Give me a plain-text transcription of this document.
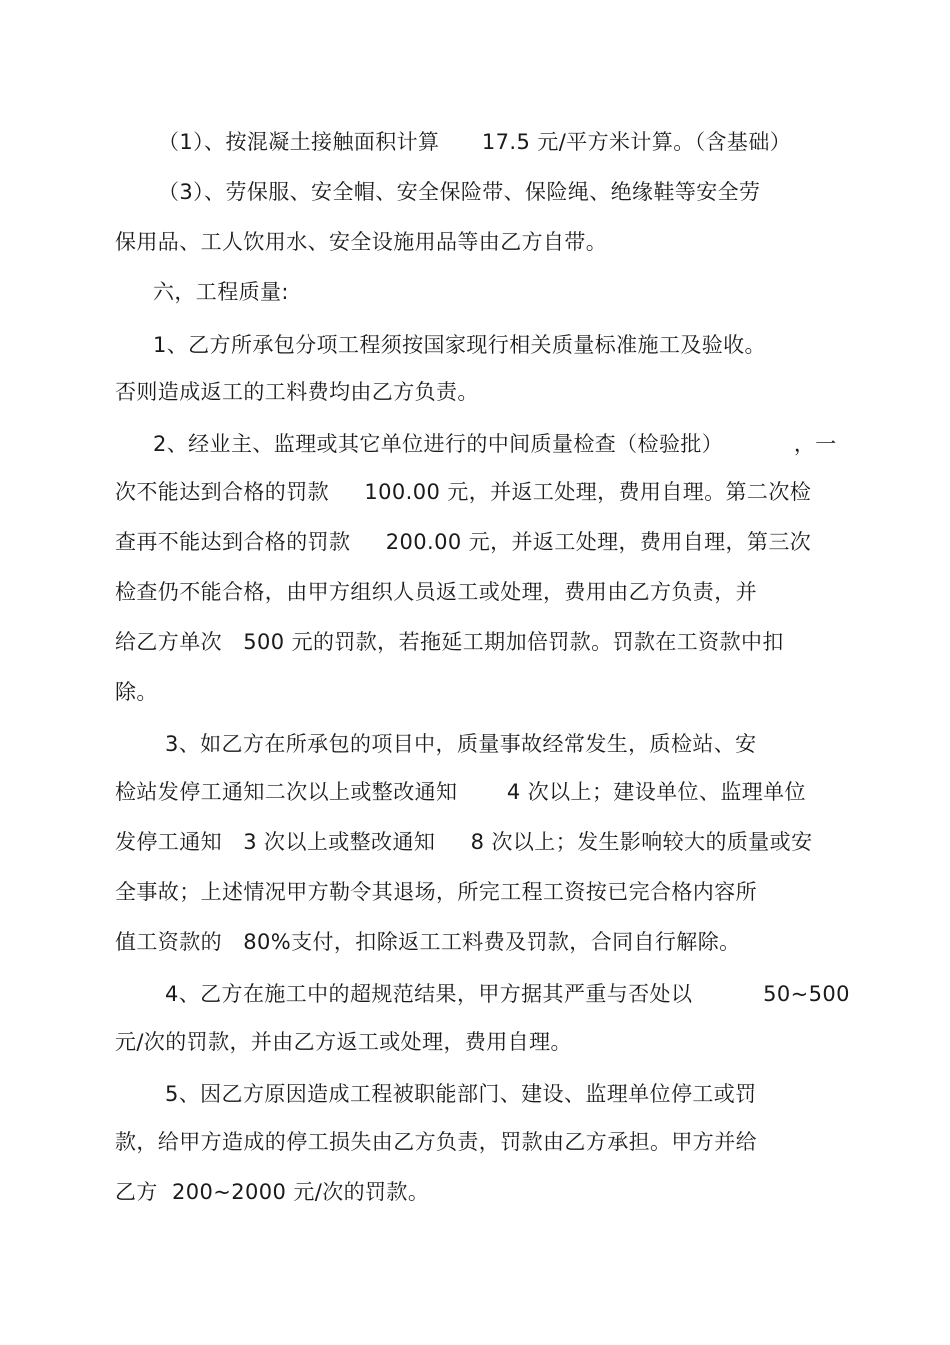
（1）、按混凝土接触面积计算      17.5 元/平方米计算。（含基础）
（3）、劳保服、安全帽、安全保险带、保险绳、绝缘鞋等安全劳
保用品、工人饮用水、安全设施用品等由乙方自带。
六，工程质量:
1、乙方所承包分项工程须按国家现行相关质量标准施工及验收。
否则造成返工的工料费均由乙方负责。
2、经业主、监理或其它单位进行的中间质量检查（检验批）          ，一
次不能达到合格的罚款     100.00 元，并返工处理，费用自理。第二次检
查再不能达到合格的罚款     200.00 元，并返工处理，费用自理，第三次
检查仍不能合格，由甲方组织人员返工或处理，费用由乙方负责，并
给乙方单次   500 元的罚款，若拖延工期加倍罚款。罚款在工资款中扣
除。
3、如乙方在所承包的项目中，质量事故经常发生，质检站、安
检站发停工通知二次以上或整改通知       4 次以上；建设单位、监理单位
发停工通知   3 次以上或整改通知     8 次以上；发生影响较大的质量或安
全事故；上述情况甲方勒令其退场，所完工程工资按已完合格内容所
值工资款的   80%支付，扣除返工工料费及罚款，合同自行解除。
4、乙方在施工中的超规范结果，甲方据其严重与否处以          50~500
元/次的罚款，并由乙方返工或处理，费用自理。
5、因乙方原因造成工程被职能部门、建设、监理单位停工或罚
款，给甲方造成的停工损失由乙方负责，罚款由乙方承担。甲方并给
乙方  200~2000 元/次的罚款。
